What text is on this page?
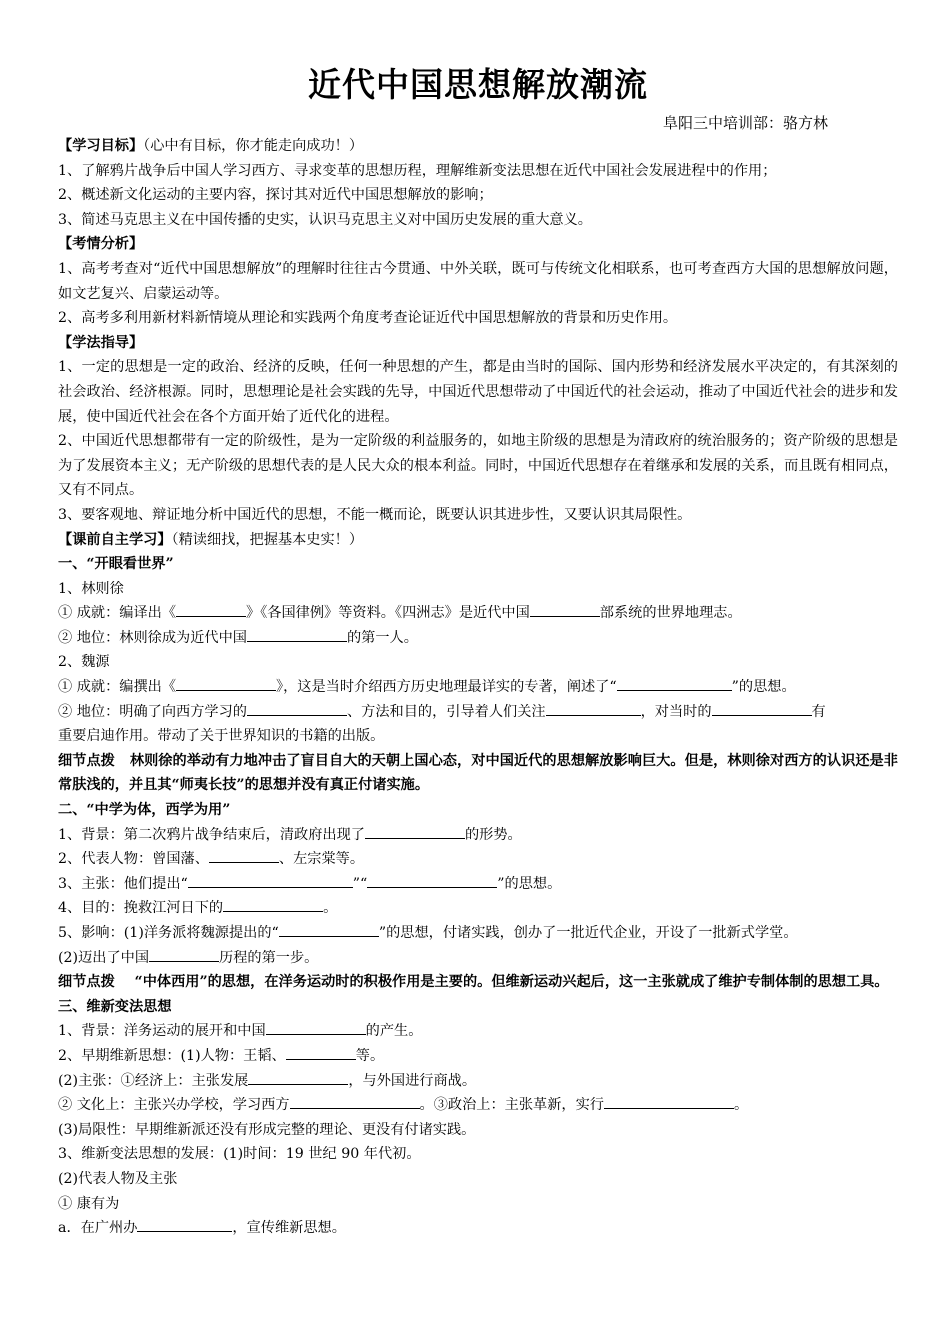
近代中国思想解放潮流
阜阳三中培训部：骆方林
【学习目标】（心中有目标，你才能走向成功！）
1、了解鸦片战争后中国人学习西方、寻求变革的思想历程，理解维新变法思想在近代中国社会发展进程中的作用；
2、概述新文化运动的主要内容，探讨其对近代中国思想解放的影响；
3、简述马克思主义在中国传播的史实，认识马克思主义对中国历史发展的重大意义。
【考情分析】
1、高考考查对“近代中国思想解放”的理解时往往古今贯通、中外关联，既可与传统文化相联系，也可考查西方大国的思想解放问题，如文艺复兴、启蒙运动等。
2、高考多利用新材料新情境从理论和实践两个角度考查论证近代中国思想解放的背景和历史作用。
【学法指导】
1、一定的思想是一定的政治、经济的反映，任何一种思想的产生，都是由当时的国际、国内形势和经济发展水平决定的，有其深刻的社会政治、经济根源。同时，思想理论是社会实践的先导，中国近代思想带动了中国近代的社会运动，推动了中国近代社会的进步和发展，使中国近代社会在各个方面开始了近代化的进程。
2、中国近代思想都带有一定的阶级性，是为一定阶级的利益服务的，如地主阶级的思想是为清政府的统治服务的；资产阶级的思想是为了发展资本主义；无产阶级的思想代表的是人民大众的根本利益。同时，中国近代思想存在着继承和发展的关系，而且既有相同点，又有不同点。
3、要客观地、辩证地分析中国近代的思想，不能一概而论，既要认识其进步性，又要认识其局限性。
【课前自主学习】（精读细找，把握基本史实！）
一、“开眼看世界”
1、林则徐
① 成就：编译出《	》《各国律例》等资料。《四洲志》是近代中国	部系统的世界地理志。
② 地位：林则徐成为近代中国	的第一人。
2、魏源
① 成就：编撰出《	》，这是当时介绍西方历史地理最详实的专著，阐述了“	”的思想。
② 地位：明确了向西方学习的	、方法和目的，引导着人们关注	，对当时的	有
重要启迪作用。带动了关于世界知识的书籍的出版。
细节点拨 林则徐的举动有力地冲击了盲目自大的天朝上国心态，对中国近代的思想解放影响巨大。但是，林则徐对西方的认识还是非常肤浅的，并且其“师夷长技”的思想并没有真正付诸实施。
二、“中学为体，西学为用”
1、背景：第二次鸦片战争结束后，清政府出现了	的形势。
2、代表人物：曾国藩、	、左宗棠等。
3、主张：他们提出“	”“	”的思想。
4、目的：挽救江河日下的	。
5、影响：(1)洋务派将魏源提出的“	”的思想，付诸实践，创办了一批近代企业，开设了一批新式学堂。
(2)迈出了中国	历程的第一步。
细节点拨 “中体西用”的思想，在洋务运动时的积极作用是主要的。但维新运动兴起后，这一主张就成了维护专制体制的思想工具。
三、维新变法思想
1、背景：洋务运动的展开和中国	的产生。
2、早期维新思想：(1)人物：王韬、	等。
(2)主张：①经济上：主张发展	，与外国进行商战。
② 文化上：主张兴办学校，学习西方	。③政治上：主张革新，实行	。
(3)局限性：早期维新派还没有形成完整的理论、更没有付诸实践。
3、维新变法思想的发展：(1)时间：19 世纪 90 年代初。
(2)代表人物及主张
① 康有为
a．在广州办	，宣传维新思想。
